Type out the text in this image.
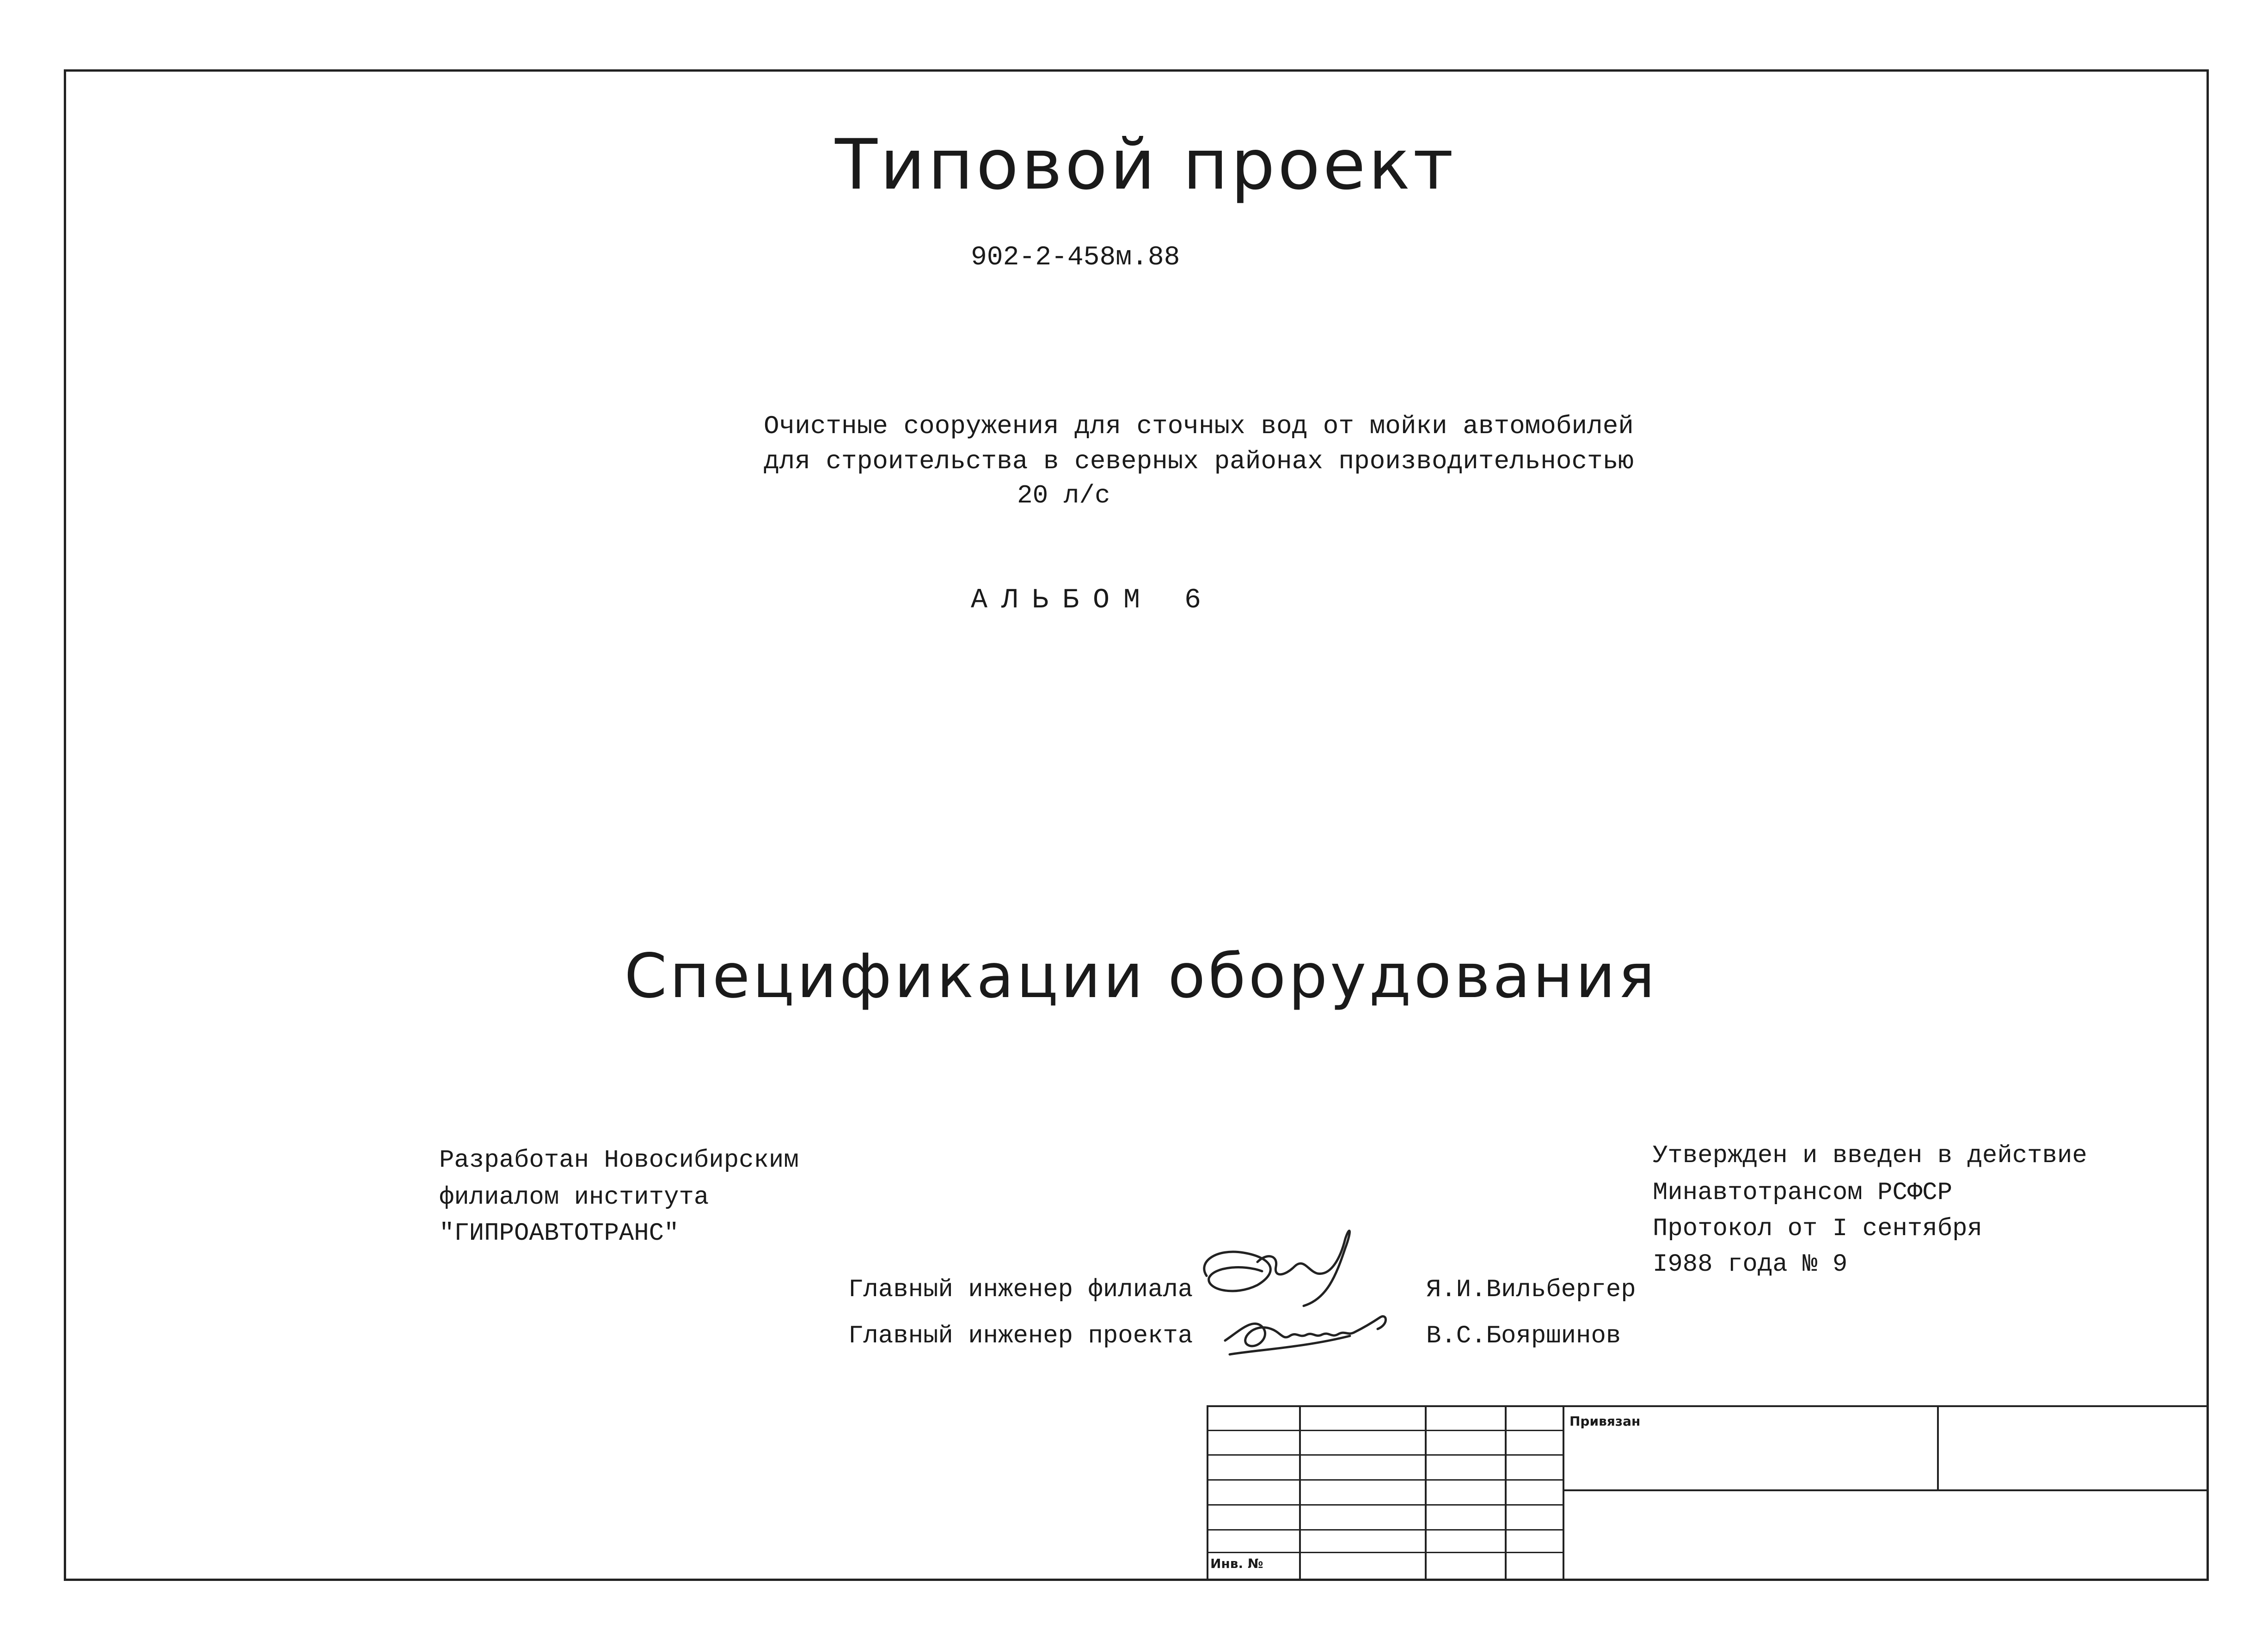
Типовой проект
902-2-458м.88
Очистные сооружения для сточных вод от мойки автомобилей
для строительства в северных районах производительностью
20 л/с
АЛЬБОМ 6
Спецификации оборудования
Разработан Новосибирским
филиалом института
"ГИПРОАВТОТРАНС"
Утвержден и введен в действие
Минавтотрансом РСФСР
Протокол от I сентября
I988 года № 9
Главный инженер филиала
Главный инженер проекта
Я.И.Вильбергер
В.С.Бояршинов
Привязан
Инв. №
